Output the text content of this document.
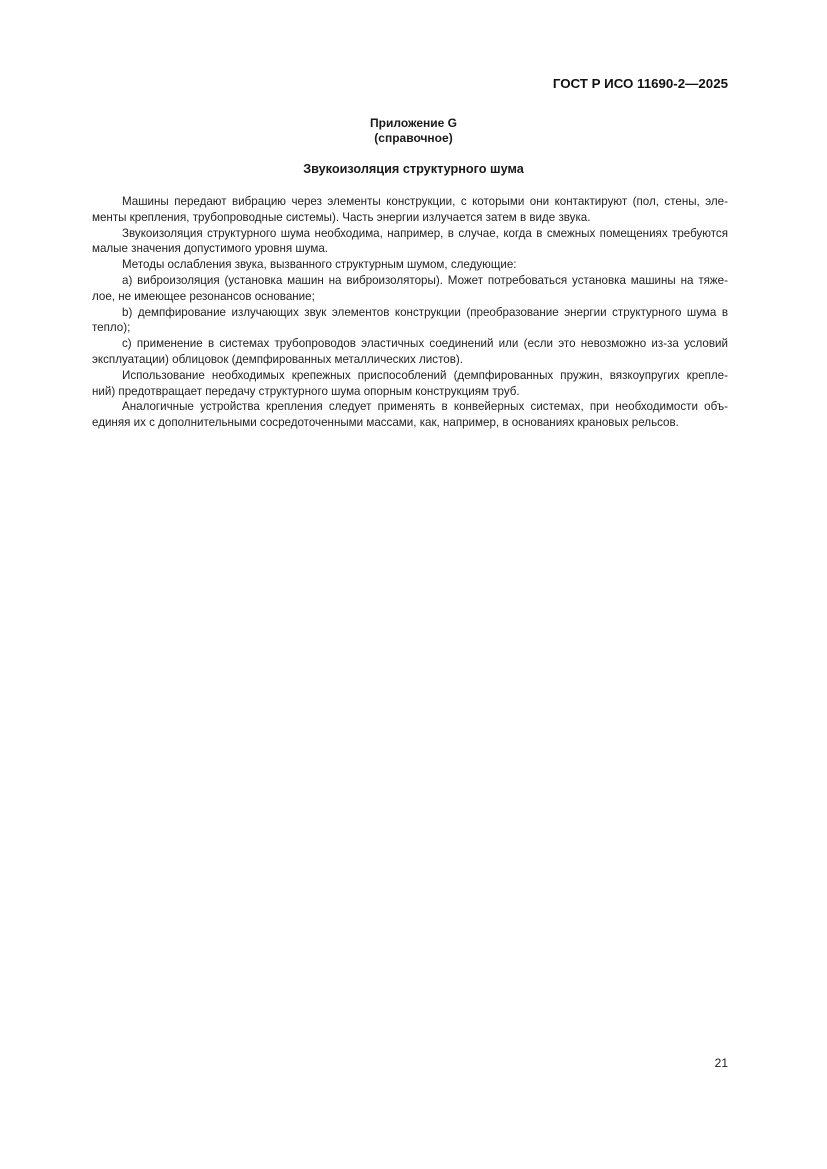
ГОСТ Р ИСО 11690-2—2025
Приложение G
(справочное)
Звукоизоляция структурного шума
Машины передают вибрацию через элементы конструкции, с которыми они контактируют (пол, стены, эле-
менты крепления, трубопроводные системы). Часть энергии излучается затем в виде звука.
Звукоизоляция структурного шума необходима, например, в случае, когда в смежных помещениях требуются
малые значения допустимого уровня шума.
Методы ослабления звука, вызванного структурным шумом, следующие:
a) виброизоляция (установка машин на виброизоляторы). Может потребоваться установка машины на тяже-
лое, не имеющее резонансов основание;
b) демпфирование излучающих звук элементов конструкции (преобразование энергии структурного шума в
тепло);
c) применение в системах трубопроводов эластичных соединений или (если это невозможно из-за условий
эксплуатации) облицовок (демпфированных металлических листов).
Использование необходимых крепежных приспособлений (демпфированных пружин, вязкоупругих крепле-
ний) предотвращает передачу структурного шума опорным конструкциям труб.
Аналогичные устройства крепления следует применять в конвейерных системах, при необходимости объ-
единяя их с дополнительными сосредоточенными массами, как, например, в основаниях крановых рельсов.
21
